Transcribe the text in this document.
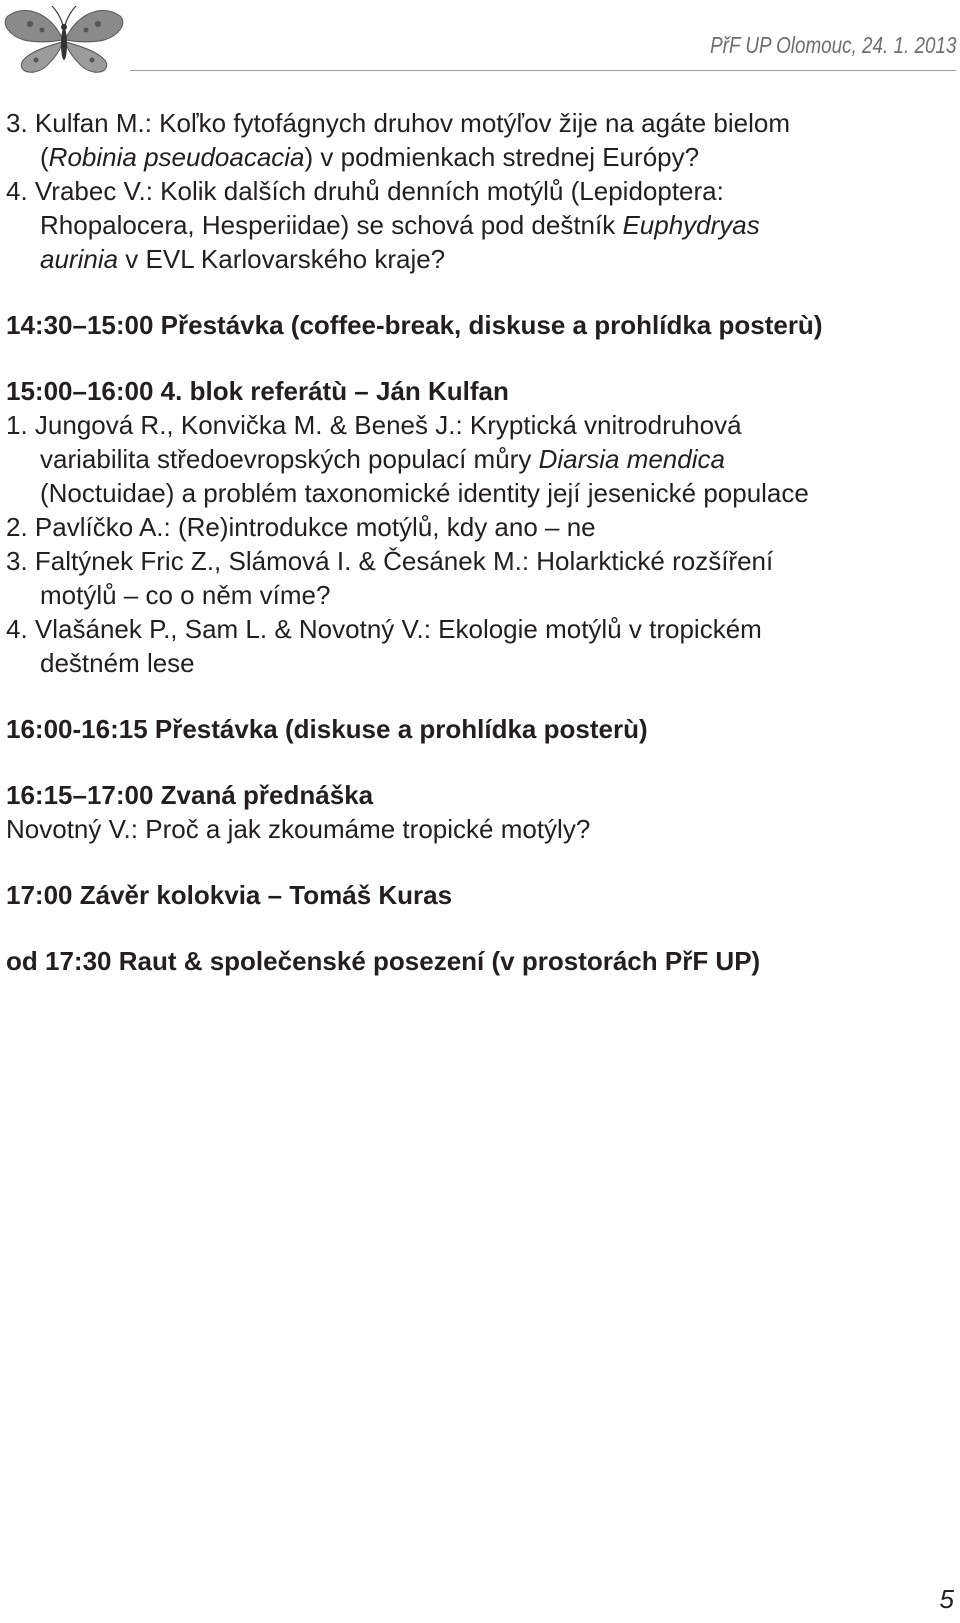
PřF UP Olomouc, 24. 1. 2013

3. Kulfan M.: Koľko fytofágnych druhov motýľov žije na agáte bielom

(Robinia pseudoacacia) v podmienkach strednej Európy?

4. Vrabec V.: Kolik dalších druhů denních motýlů (Lepidoptera:

Rhopalocera, Hesperiidae) se schová pod deštník Euphydryas

aurinia v EVL Karlovarského kraje?

14:30–15:00 Přestávka (coffee-break, diskuse a prohlídka posterù)

15:00–16:00 4. blok referátù – Ján Kulfan

1. Jungová R., Konvička M. & Beneš J.: Kryptická vnitrodruhová

variabilita středoevropských populací můry Diarsia mendica

(Noctuidae) a problém taxonomické identity její jesenické populace

2. Pavlíčko A.: (Re)introdukce motýlů, kdy ano – ne

3. Faltýnek Fric Z., Slámová I. & Česánek M.: Holarktické rozšíření

motýlů – co o něm víme?

4. Vlašánek P., Sam L. & Novotný V.: Ekologie motýlů v tropickém

deštném lese

16:00-16:15 Přestávka (diskuse a prohlídka posterù)

16:15–17:00 Zvaná přednáška

Novotný V.: Proč a jak zkoumáme tropické motýly?

17:00 Závěr kolokvia – Tomáš Kuras

od 17:30 Raut & společenské posezení (v prostorách PřF UP)

5
